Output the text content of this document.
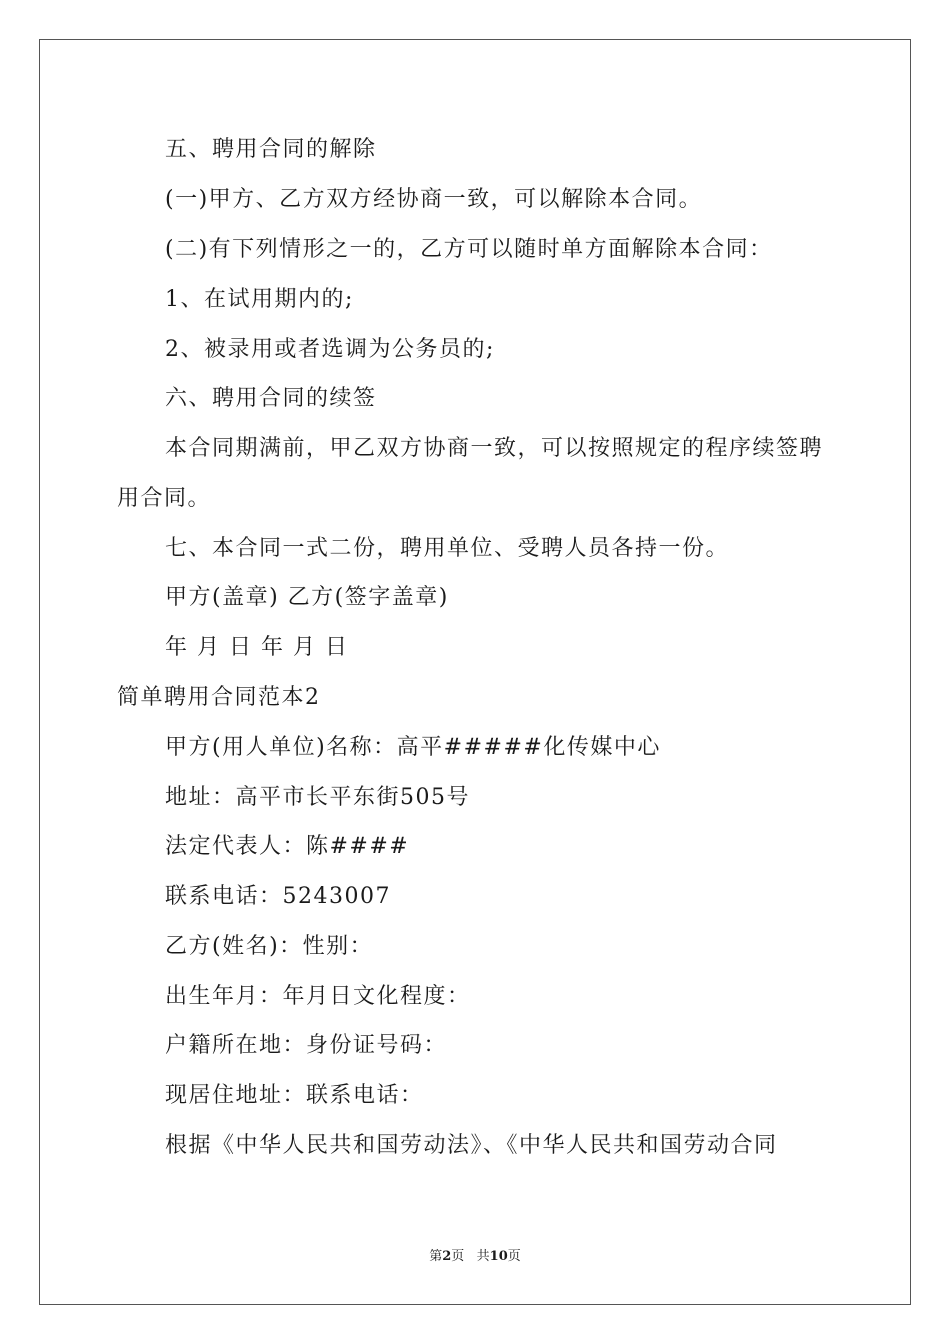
五、聘用合同的解除
(一)甲方、乙方双方经协商一致，可以解除本合同。
(二)有下列情形之一的，乙方可以随时单方面解除本合同：
1、在试用期内的;
2、被录用或者选调为公务员的;
六、聘用合同的续签
本合同期满前，甲乙双方协商一致，可以按照规定的程序续签聘
用合同。
七、本合同一式二份，聘用单位、受聘人员各持一份。
甲方(盖章) 乙方(签字盖章)
年 月 日 年 月 日
简单聘用合同范本2
甲方(用人单位)名称：高平#####化传媒中心
地址：高平市长平东街505号
法定代表人：陈####
联系电话：5243007
乙方(姓名)：性别：
出生年月：年月日文化程度：
户籍所在地：身份证号码：
现居住地址：联系电话：
根据《中华人民共和国劳动法》、《中华人民共和国劳动合同
第2页   共10页
